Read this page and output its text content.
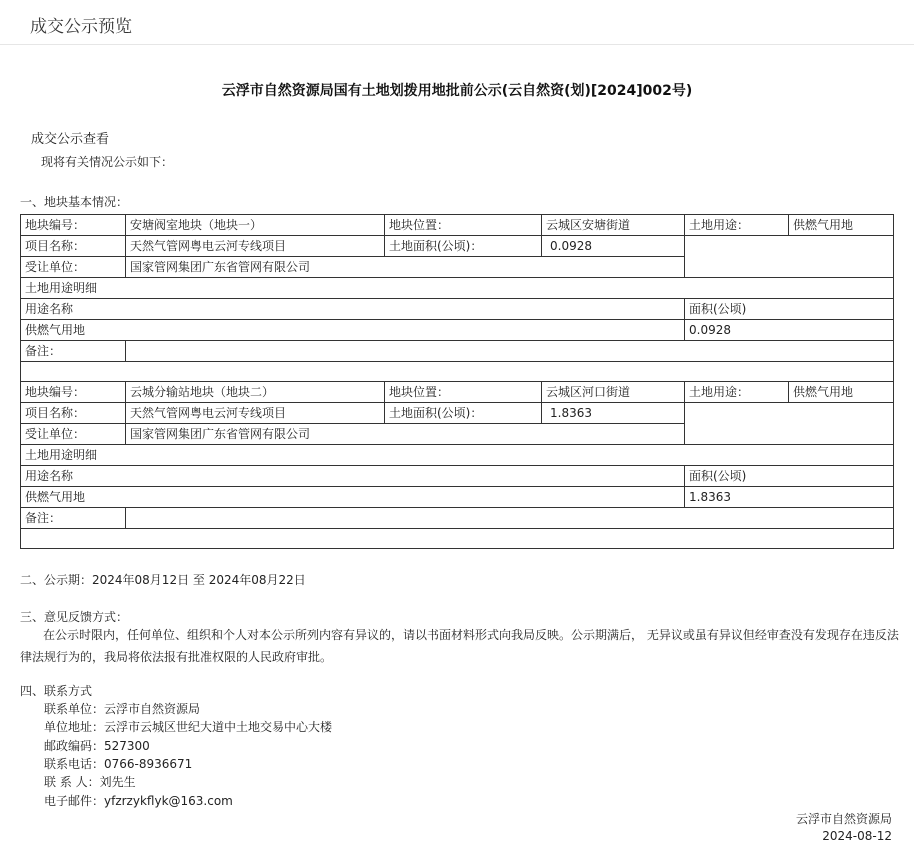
成交公示预览
云浮市自然资源局国有土地划拨用地批前公示(云自然资(划)[2024]002号)
成交公示查看
现将有关情况公示如下：
一、地块基本情况：
地块编号：	安塘阀室地块（地块一）	地块位置：	云城区安塘街道	土地用途：	供燃气用地
项目名称：	天然气管网粤电云河专线项目	土地面积(公顷)：	0.0928		
受让单位：	国家管网集团广东省管网有限公司				
土地用途明细					
用途名称				面积(公顷)	
供燃气用地				0.0928	
备注：					

地块编号：	云城分输站地块（地块二）	地块位置：	云城区河口街道	土地用途：	供燃气用地
项目名称：	天然气管网粤电云河专线项目	土地面积(公顷)：	1.8363		
受让单位：	国家管网集团广东省管网有限公司				
土地用途明细					
用途名称				面积(公顷)	
供燃气用地				1.8363	
备注：					

二、公示期：2024年08月12日 至 2024年08月22日
三、意见反馈方式：

在公示时限内，任何单位、组织和个人对本公示所列内容有异议的，请以书面材料形式向我局反映。公示期满后， 无异议或虽有异议但经审查没有发现存在违反法律法规行为的，我局将依法报有批准权限的人民政府审批。

四、联系方式
联系单位：云浮市自然资源局
单位地址：云浮市云城区世纪大道中土地交易中心大楼
邮政编码：527300
联系电话：0766-8936671
联 系 人：刘先生
电子邮件：yfzrzykflyk@163.com
云浮市自然资源局
2024-08-12
